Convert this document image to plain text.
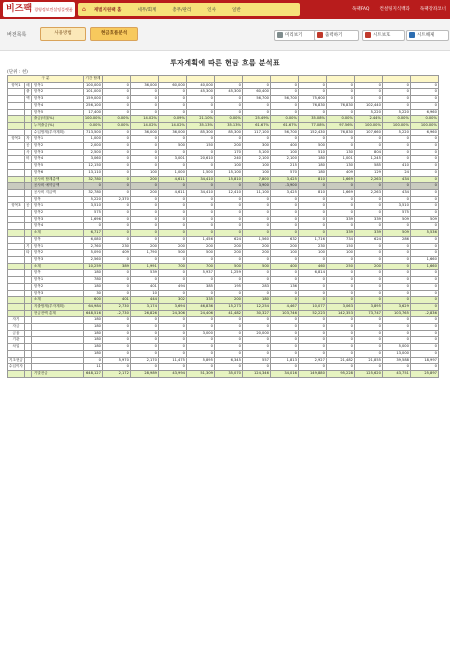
비즈팩 경영정보컨설팅플랫폼	⌂	재벌지원팩 홈	세무/회계	총무/관리	인사	일반	독팩FAQ 컨설팅지식백과 독팩강좌코너
버전목록	사용방법	현금흐름분석	미리보기	출력하기	시트보호	시트해제
투자계획에 따른 현금 흐름 분석표
(단위 : 천)
구 분			기간 합계												
항목1	매	항목1	100,000	0	36,000	60,000	40,000	0	0	0	0	0	0	0	0
	출	항목2	101,000	0	0	0	45,300	45,300	60,400	0	0	0	0	0	0
	액	항목3	159,000	0	0	0	0	0	56,700	56,700	75,600	0	0	0	0
		항목4	256,100	0	0	0	0	0	0	0	76,830	76,830	102,440	0	0
		항목5	17,400	0	0	0	0	0	0	0	0	0	5,220	5,220	6,960
		출금(비율%)	100.00%	0.00%	14.02%	0.09%	21.10%	0.00%	25.49%	0.00%	35.08%	0.00%	2.44%	0.00%	0.00%
		누적출금(%)	0.00%	0.00%	14.02%	14.02%	35.13%	35.13%	61.67%	61.67%	77.08%	97.56%	100.00%	100.00%	100.00%
		수입합계(투자계획)	713,500	0	36,000	36,000	85,300	85,300	117,100	56,700	152,430	76,830	107,660	5,220	6,960
항목2	자	항목1	1,000	0	0	0	0	0	0	0	0	0	0	0	0
	공	항목2	2,000	0	0	500	150	200	300	400	500	0	0	0	0
	사	항목3	2,500	0	0	0	0	170	5,100	100	510	130	804	0	0
	비	항목4	3,060	0	0	3,001	20,610	240	2,100	2,100	180	1,001	1,245	0	0
		항목5	12,150	0	0	0	0	100	100	215	180	130	585	410	0
		항목6	13,110	0	100	1,000	1,500	15,100	100	570	180	409	129	24	0
		공사비 합계총액	32,780	0	200	4,611	34,410	15,810	7,800	3,425	810	1,669	2,263	434	0
		공사비 예약금액	0	0	0	0	0	0	3,900	-3,900	0	0	0	0	0
		공사비 지급액	32,780	0	200	4,611	34,410	12,410	11,100	3,425	810	1,669	2,263	434	0
		항목	5,220	2,370	0	0	0	0	0	0	0	0	0	0	0
항목3	공	항목1	3,510	0	0	0	0	0	0	0	0	0	0	3,510	0
		항목2	575	0	0	0	0	0	0	0	0	0	0	575	0
		항목3	1,696	0	0	0	0	0	0	0	0	339	339	509	509
		항목4	0	0	0	0	0	0	0	0	0	0	0	0	0
		소계	6,717	0	0	0	0	0	0	0	0	339	339	509	5,536
		항목	6,080	0	0	0	1,456	624	1,560	632	1,716	734	624	286	0
	기	항목1	2,760	230	200	200	200	200	200	200	230	150	0	0	0
	타	항목2	5,090	409	1,790	500	500	200	200	100	100	100	0	0	0
		항목3	2,560	0	0	0	0	0	0	0	0	0	0	0	1,660
		소계	10,259	389	1,991	700	700	500	500	400	460	250	200	0	1,660
		항목	180	0	539	0	5,937	1,259	0	0	6,814	0	0	0	0
		항목1	780	0	0	0	0	0	0	0	0	0	0	0	0
		항목2	180	0	401	494	385	195	283	136	0	0	0	0	0
		항목3	30	0	10	0	0	0	0	0	0	0	0	0	0
		소계	600	401	444	302	335	200	180	0	0	0	0	0	0
		지출합계(투자계획)	64,984	2,730	3,174	3,694	46,836	15,273	12,254	4,467	10,077	3,063	3,895	3,629	0
		현금잔액 총계	648,516	-2,730	26,826	24,306	24,406	41,482	30,327	103,746	52,223	142,353	73,747	103,765	-2,836
자기			180	0	0	0	0	0	0	0	0	0	0	0	0
자금			180	0	0	0	0	0	0	0	0	0	0	0	0
금융			180	0	0	0	3,000	0	20,000	0	0	0	0	0	0
기관			180	0	0	0	0	0	0	0	0	0	0	0	0
차입			180	0	0	0	0	0	0	0	0	0	0	5,000	0
			180	0	0	0	0	0	0	0	0	0	0	13,000	0
기초현금			0	5,970	2,170	11,475	5,895	6,345	557	1,813	2,927	21,482	21,855	39,588	18,997
수입이자			11	0	0	0	0	0	0	0	0	0	0	0	0
		기말잔금	648,127	2,172	28,989	43,994	51,309	35,070	124,346	34,016	149,880	95,228	125,620	43,751	25,897
